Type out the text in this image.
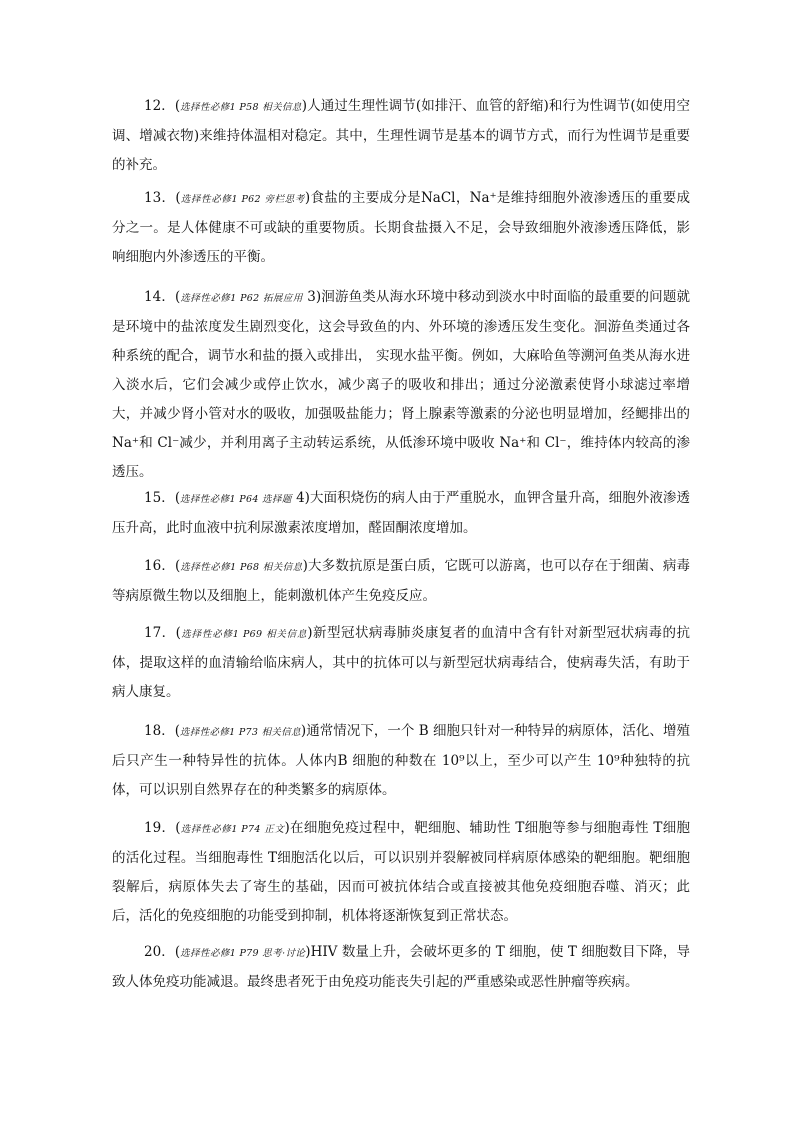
12．(选择性必修1 P58 相关信息)人通过生理性调节(如排汗、血管的舒缩)和行为性调节(如使用空调、增减衣物)来维持体温相对稳定。其中，生理性调节是基本的调节方式，而行为性调节是重要的补充。

13．(选择性必修1 P62 旁栏思考)食盐的主要成分是NaCl，Na⁺是维持细胞外液渗透压的重要成分之一。是人体健康不可或缺的重要物质。长期食盐摄入不足，会导致细胞外液渗透压降低，影响细胞内外渗透压的平衡。

14．(选择性必修1 P62 拓展应用 3)洄游鱼类从海水环境中移动到淡水中时面临的最重要的问题就是环境中的盐浓度发生剧烈变化，这会导致鱼的内、外环境的渗透压发生变化。洄游鱼类通过各种系统的配合，调节水和盐的摄入或排出， 实现水盐平衡。例如，大麻哈鱼等溯河鱼类从海水进入淡水后，它们会减少或停止饮水，减少离子的吸收和排出；通过分泌激素使肾小球滤过率增大，并减少肾小管对水的吸收，加强吸盐能力；肾上腺素等激素的分泌也明显增加，经鳃排出的 Na⁺和 Cl⁻减少，并利用离子主动转运系统，从低渗环境中吸收 Na⁺和 Cl⁻，维持体内较高的渗透压。

15．(选择性必修1 P64 选择题 4)大面积烧伤的病人由于严重脱水，血钾含量升高，细胞外液渗透压升高，此时血液中抗利尿激素浓度增加，醛固酮浓度增加。

16．(选择性必修1 P68 相关信息)大多数抗原是蛋白质，它既可以游离，也可以存在于细菌、病毒等病原微生物以及细胞上，能刺激机体产生免疫反应。

17．(选择性必修1 P69 相关信息)新型冠状病毒肺炎康复者的血清中含有针对新型冠状病毒的抗体，提取这样的血清输给临床病人，其中的抗体可以与新型冠状病毒结合，使病毒失活，有助于病人康复。

18．(选择性必修1 P73 相关信息)通常情况下，一个 B 细胞只针对一种特异的病原体，活化、增殖后只产生一种特异性的抗体。人体内B 细胞的种数在 10⁹以上，至少可以产生 10⁹种独特的抗体，可以识别自然界存在的种类繁多的病原体。

19．(选择性必修1 P74 正文)在细胞免疫过程中，靶细胞、辅助性 T细胞等参与细胞毒性 T细胞的活化过程。当细胞毒性 T细胞活化以后，可以识别并裂解被同样病原体感染的靶细胞。靶细胞裂解后，病原体失去了寄生的基础，因而可被抗体结合或直接被其他免疫细胞吞噬、消灭；此后，活化的免疫细胞的功能受到抑制，机体将逐渐恢复到正常状态。

20．(选择性必修1 P79 思考·讨论)HIV 数量上升，会破坏更多的 T 细胞，使 T 细胞数目下降，导致人体免疫功能减退。最终患者死于由免疫功能丧失引起的严重感染或恶性肿瘤等疾病。
